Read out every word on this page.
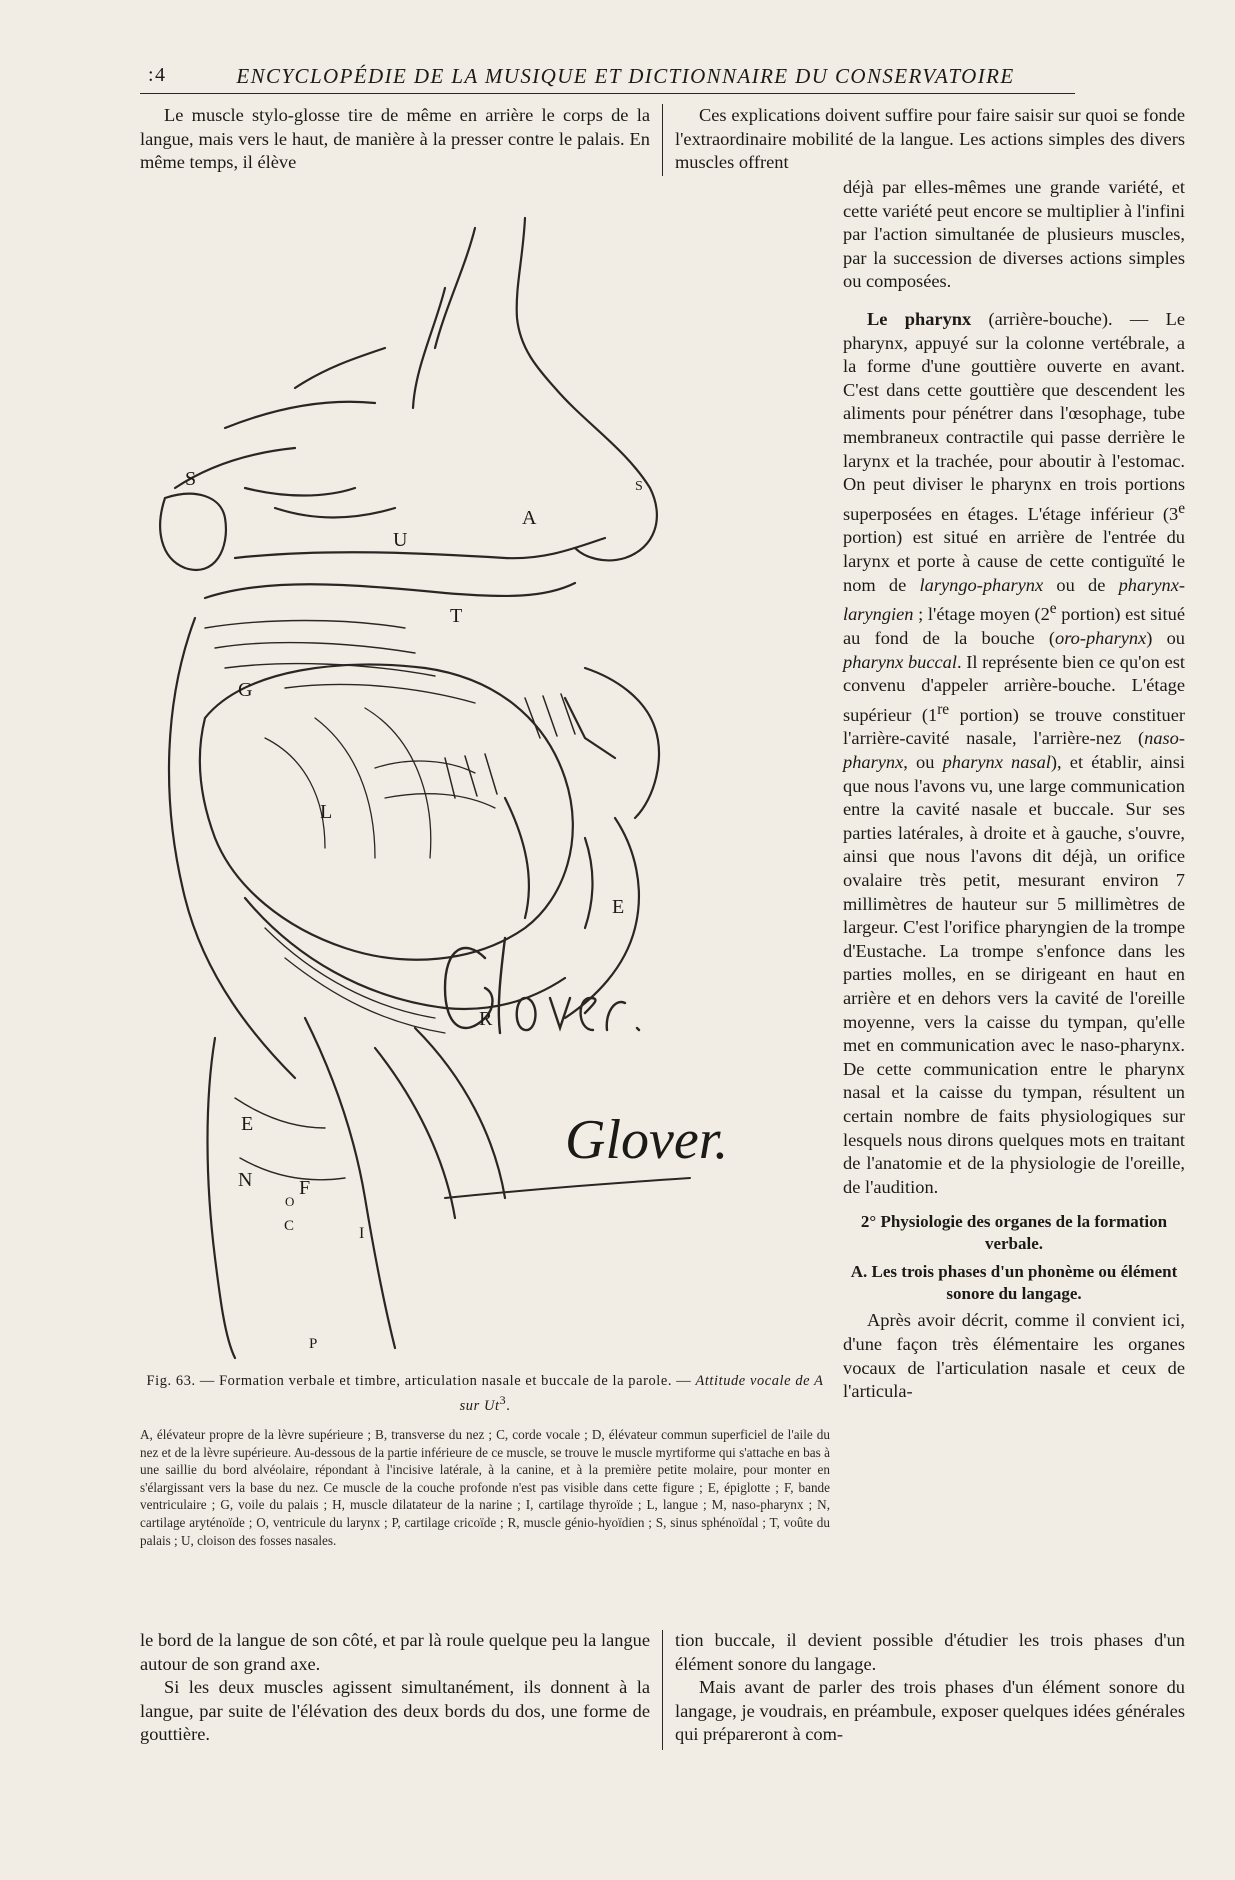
:4	ENCYCLOPÉDIE DE LA MUSIQUE ET DICTIONNAIRE DU CONSERVATOIRE

Le muscle stylo-glosse tire de même en arrière le corps de la langue, mais vers le haut, de manière à la presser contre le palais. En même temps, il élève

Ces explications doivent suffire pour faire saisir sur quoi se fonde l'extraordinaire mobilité de la langue. Les actions simples des divers muscles offrent

déjà par elles-mêmes une grande variété, et cette variété peut encore se multiplier à l'infini par l'action simultanée de plusieurs muscles, par la succession de diverses actions simples ou composées.

Le pharynx (arrière-bouche). — Le pharynx, appuyé sur la colonne vertébrale, a la forme d'une gouttière ouverte en avant. C'est dans cette gouttière que descendent les aliments pour pénétrer dans l'œsophage, tube membraneux contractile qui passe derrière le larynx et la trachée, pour aboutir à l'estomac. On peut diviser le pharynx en trois portions superposées en étages. L'étage inférieur (3e portion) est situé en arrière de l'entrée du larynx et porte à cause de cette contiguïté le nom de laryngo-pharynx ou de pharynx-laryngien ; l'étage moyen (2e portion) est situé au fond de la bouche (oro-pharynx) ou pharynx buccal. Il représente bien ce qu'on est convenu d'appeler arrière-bouche. L'étage supérieur (1re portion) se trouve constituer l'arrière-cavité nasale, l'arrière-nez (naso-pharynx, ou pharynx nasal), et établir, ainsi que nous l'avons vu, une large communication entre la cavité nasale et buccale. Sur ses parties latérales, à droite et à gauche, s'ouvre, ainsi que nous l'avons dit déjà, un orifice ovalaire très petit, mesurant environ 7 millimètres de hauteur sur 5 millimètres de largeur. C'est l'orifice pharyngien de la trompe d'Eustache. La trompe s'enfonce dans les parties molles, en se dirigeant en haut en arrière et en dehors vers la cavité de l'oreille moyenne, vers la caisse du tympan, qu'elle met en communication avec le naso-pharynx. De cette communication entre le pharynx nasal et la caisse du tympan, résultent un certain nombre de faits physiologiques sur lesquels nous dirons quelques mots en traitant de l'anatomie et de la physiologie de l'oreille, de l'audition.

2° Physiologie des organes de la formation verbale.
A. Les trois phases d'un phonème ou élément sonore du langage.

Après avoir décrit, comme il convient ici, d'une façon très élémentaire les organes vocaux de l'articulation nasale et ceux de l'articula-

S
U
A
S
T
G
L
E
R
E
N F
O
C	I
P
Glover.
Fig. 63. — Formation verbale et timbre, articulation nasale et buccale de la parole. — Attitude vocale de A sur Ut$^3$.
A, élévateur propre de la lèvre supérieure ; B, transverse du nez ; C, corde vocale ; D, élévateur commun superficiel de l'aile du nez et de la lèvre supérieure. Au-dessous de la partie inférieure de ce muscle, se trouve le muscle myrtiforme qui s'attache en bas à une saillie du bord alvéolaire, répondant à l'incisive latérale, à la canine, et à la première petite molaire, pour monter en s'élargissant vers la base du nez. Ce muscle de la couche profonde n'est pas visible dans cette figure ; E, épiglotte ; F, bande ventriculaire ; G, voile du palais ; H, muscle dilatateur de la narine ; I, cartilage thyroïde ; L, langue ; M, naso-pharynx ; N, cartilage aryténoïde ; O, ventricule du larynx ; P, cartilage cricoïde ; R, muscle génio-hyoïdien ; S, sinus sphénoïdal ; T, voûte du palais ; U, cloison des fosses nasales.

le bord de la langue de son côté, et par là roule quelque peu la langue autour de son grand axe.

Si les deux muscles agissent simultanément, ils donnent à la langue, par suite de l'élévation des deux bords du dos, une forme de gouttière.

tion buccale, il devient possible d'étudier les trois phases d'un élément sonore du langage.

Mais avant de parler des trois phases d'un élément sonore du langage, je voudrais, en préambule, exposer quelques idées générales qui prépareront à com-
